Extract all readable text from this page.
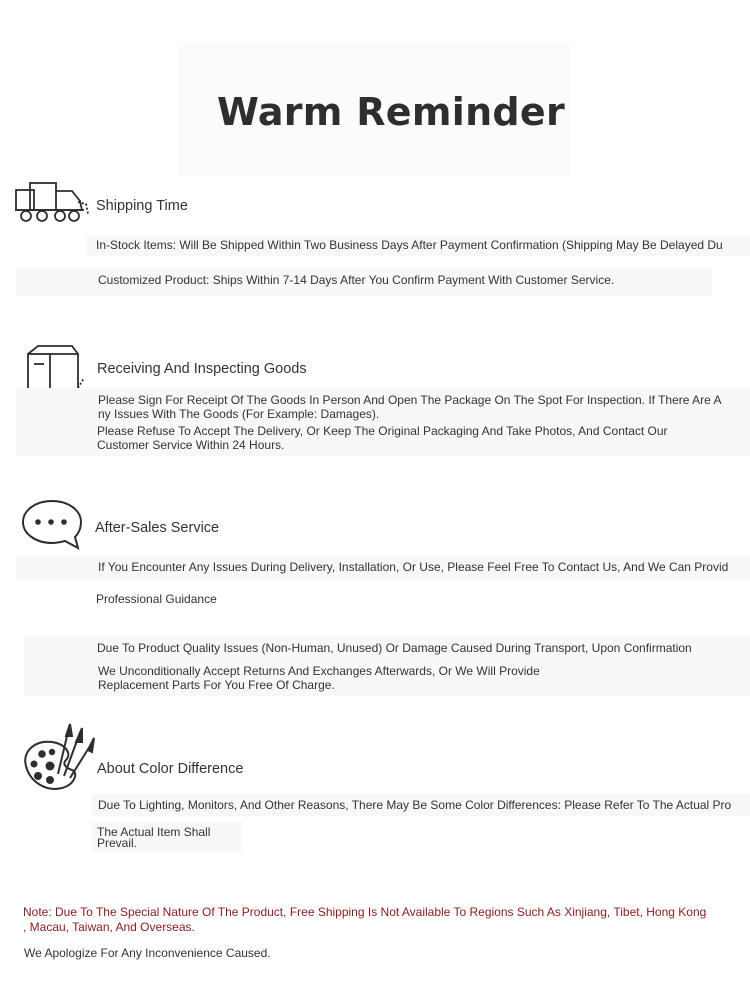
Warm Reminder
Shipping Time
In-Stock Items: Will Be Shipped Within Two Business Days After Payment Confirmation (Shipping May Be Delayed Du
Customized Product: Ships Within 7-14 Days After You Confirm Payment With Customer Service.
Receiving And Inspecting Goods
Please Sign For Receipt Of The Goods In Person And Open The Package On The Spot For Inspection. If There Are A
ny Issues With The Goods (For Example: Damages).
Please Refuse To Accept The Delivery, Or Keep The Original Packaging And Take Photos, And Contact Our
Customer Service Within 24 Hours.
After-Sales Service
If You Encounter Any Issues During Delivery, Installation, Or Use, Please Feel Free To Contact Us, And We Can Provid
Professional Guidance
Due To Product Quality Issues (Non-Human, Unused) Or Damage Caused During Transport, Upon Confirmation
We Unconditionally Accept Returns And Exchanges Afterwards, Or We Will Provide
Replacement Parts For You Free Of Charge.
About Color Difference
Due To Lighting, Monitors, And Other Reasons, There May Be Some Color Differences: Please Refer To The Actual Pro
The Actual Item Shall
Prevail.
Note: Due To The Special Nature Of The Product, Free Shipping Is Not Available To Regions Such As Xinjiang, Tibet, Hong Kong
, Macau, Taiwan, And Overseas.
We Apologize For Any Inconvenience Caused.
